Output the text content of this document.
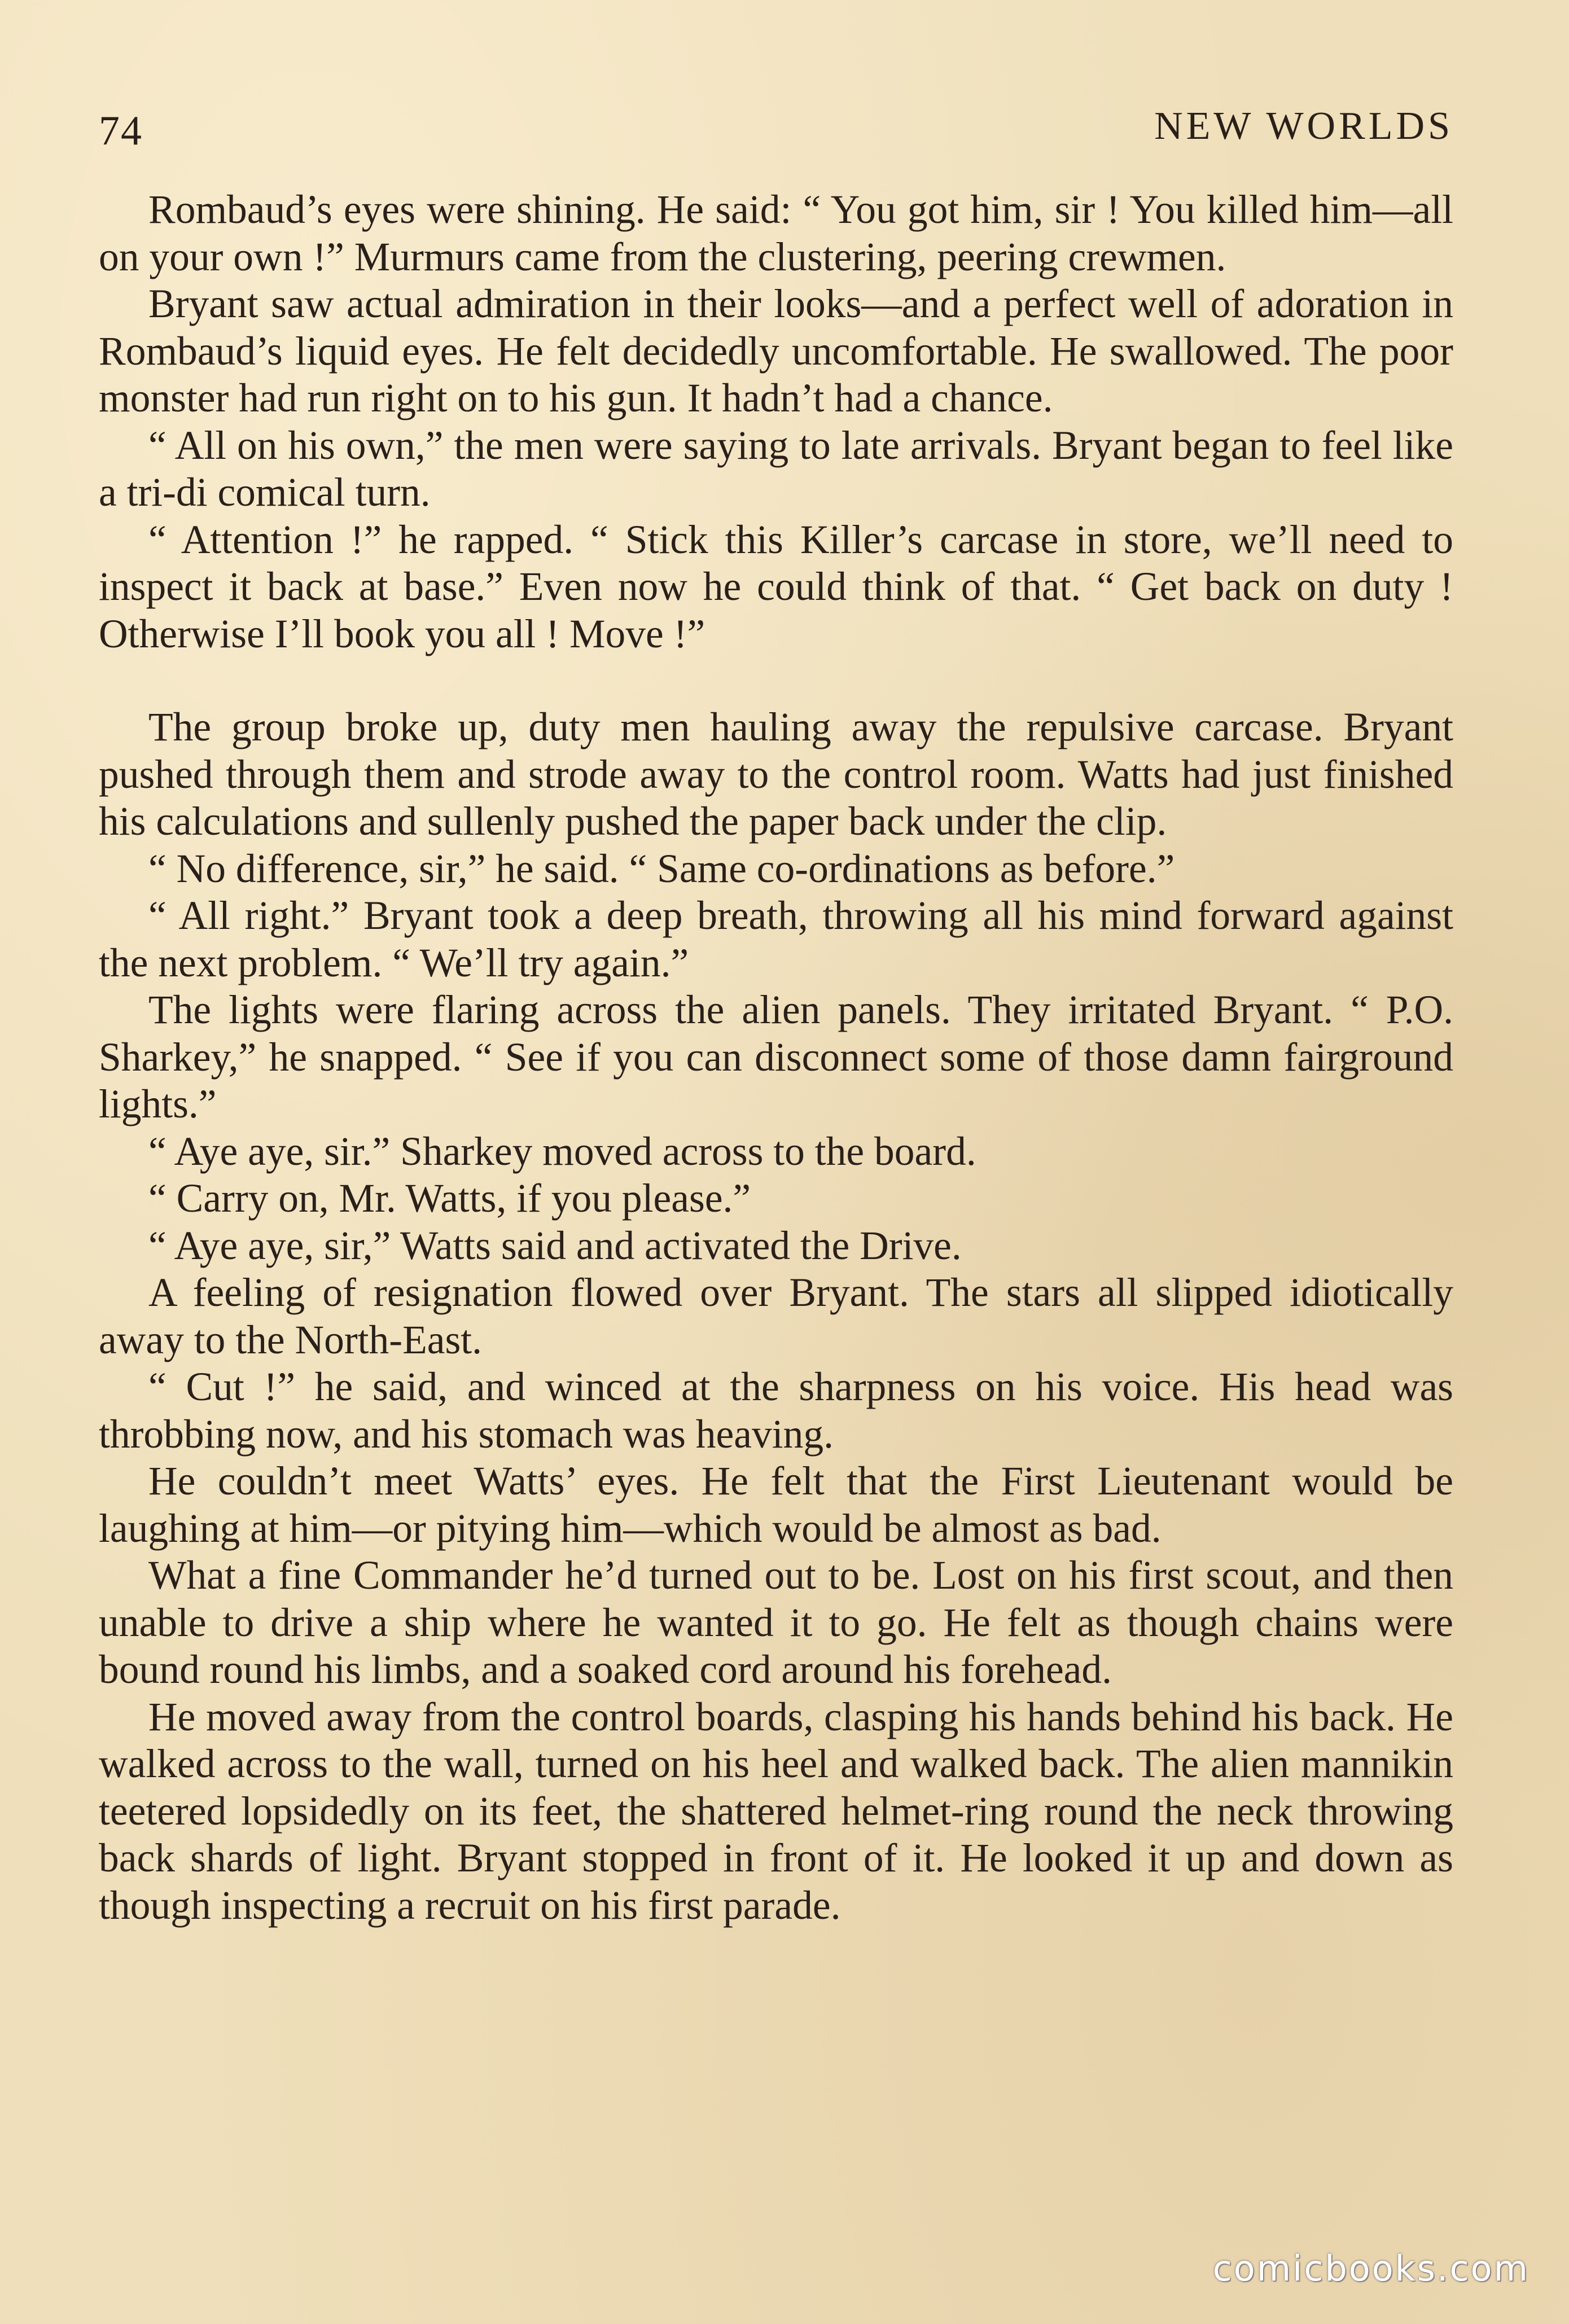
74	NEW WORLDS

Rombaud’s eyes were shining. He said: “ You got him, sir ! You killed him—all on your own !” Murmurs came from the clustering, peering crewmen.

Bryant saw actual admiration in their looks—and a perfect well of adoration in Rombaud’s liquid eyes. He felt decidedly uncomfortable. He swallowed. The poor monster had run right on to his gun. It hadn’t had a chance.

“ All on his own,” the men were saying to late arrivals. Bryant began to feel like a tri-di comical turn.

“ Attention !” he rapped. “ Stick this Killer’s carcase in store, we’ll need to inspect it back at base.” Even now he could think of that. “ Get back on duty ! Otherwise I’ll book you all ! Move !”

The group broke up, duty men hauling away the repulsive carcase. Bryant pushed through them and strode away to the control room. Watts had just finished his calculations and sullenly pushed the paper back under the clip.

“ No difference, sir,” he said. “ Same co-ordinations as before.”

“ All right.” Bryant took a deep breath, throwing all his mind forward against the next problem. “ We’ll try again.”

The lights were flaring across the alien panels. They irritated Bryant. “ P.O. Sharkey,” he snapped. “ See if you can disconnect some of those damn fairground lights.”

“ Aye aye, sir.” Sharkey moved across to the board.

“ Carry on, Mr. Watts, if you please.”

“ Aye aye, sir,” Watts said and activated the Drive.

A feeling of resignation flowed over Bryant. The stars all slipped idiotically away to the North-East.

“ Cut !” he said, and winced at the sharpness on his voice. His head was throbbing now, and his stomach was heaving.

He couldn’t meet Watts’ eyes. He felt that the First Lieutenant would be laughing at him—or pitying him—which would be almost as bad.

What a fine Commander he’d turned out to be. Lost on his first scout, and then unable to drive a ship where he wanted it to go. He felt as though chains were bound round his limbs, and a soaked cord around his forehead.

He moved away from the control boards, clasping his hands behind his back. He walked across to the wall, turned on his heel and walked back. The alien mannikin teetered lopsidedly on its feet, the shattered helmet-ring round the neck throwing back shards of light. Bryant stopped in front of it. He looked it up and down as though inspecting a recruit on his first parade.

comicbooks.com
